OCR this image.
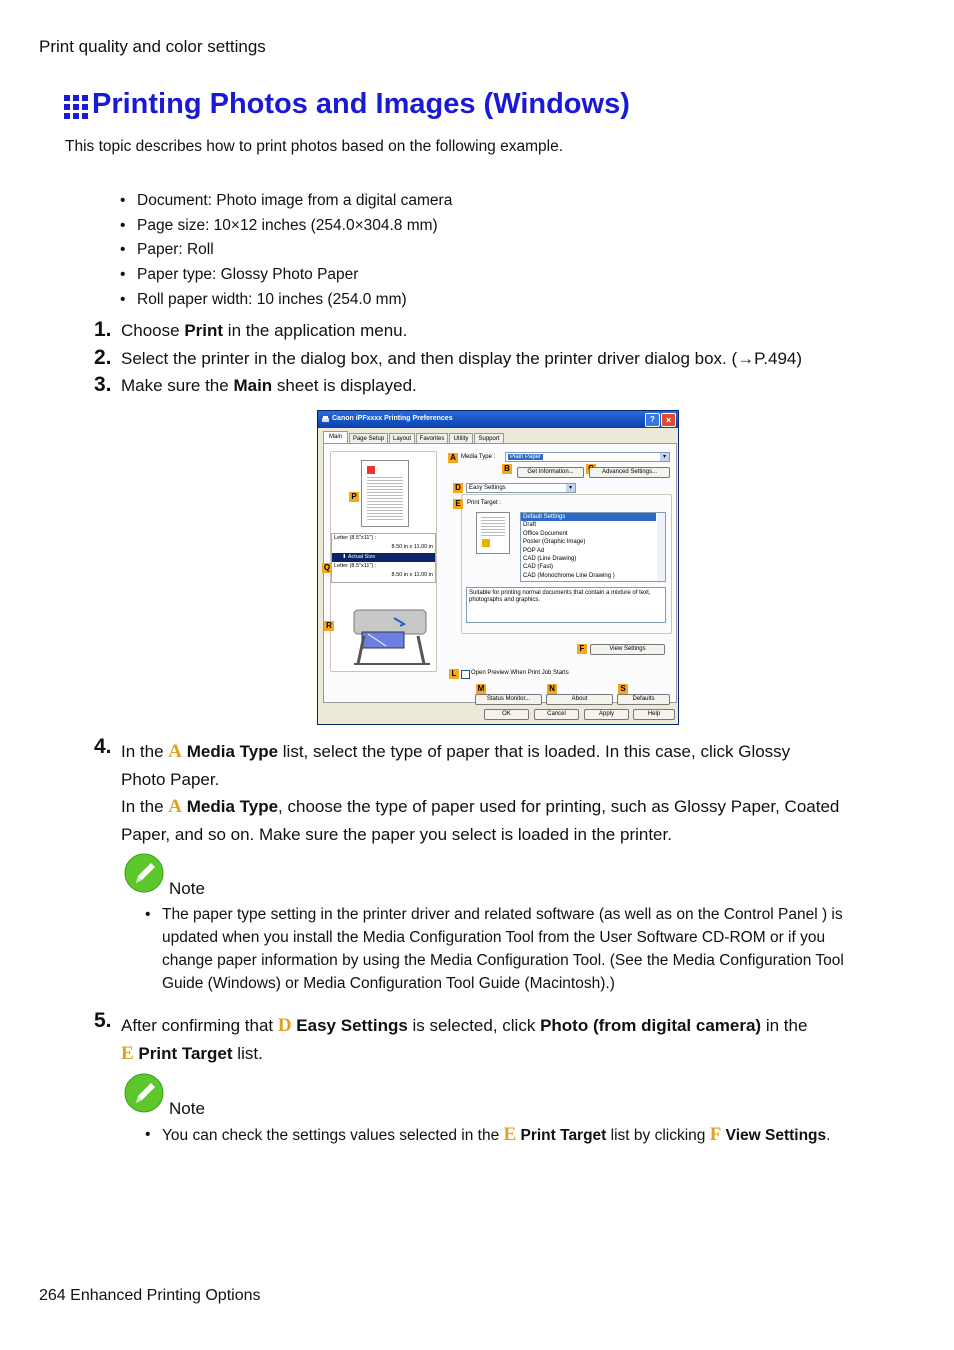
Print quality and color settings
Printing Photos and Images (Windows)
This topic describes how to print photos based on the following example.
• Document: Photo image from a digital camera
• Page size: 10×12 inches (254.0×304.8 mm)
• Paper: Roll
• Paper type: Glossy Photo Paper
• Roll paper width: 10 inches (254.0 mm)
1. Choose Print in the application menu.
2. Select the printer in the dialog box, and then display the printer driver dialog box. (→P.494)
3. Make sure the Main sheet is displayed.
Canon iPFxxxx Printing Preferences	?	×
Main	Page Setup	Layout	Favorites	Utility	Support
Letter (8.5"x11") :
8.50 in x 11.00 in
⬇ Actual Size
Letter (8.5"x11") :
8.50 in x 11.00 in
A Media Type :	Plain Paper	▾
B	Get Information...	Advanced Settings...
D	Easy Settings	▾
E	Print Target :
Default Settings
Draft
Office Document
Poster (Graphic Image)
POP Ad
CAD (Line Drawing)
CAD (Fast)
CAD (Monochrome Line Drawing )
Suitable for printing normal documents that contain a mixture of text, photographs and graphics.
F	View Settings
L	Open Preview When Print Job Starts
M
Status Monitor...
N
About
S
Defaults
P
Q
R
OK	Cancel	Apply	Help
4. In the A Media Type list, select the type of paper that is loaded. In this case, click Glossy
Photo Paper.
In the A Media Type, choose the type of paper used for printing, such as Glossy Paper, Coated
Paper, and so on. Make sure the paper you select is loaded in the printer.
Note
• The paper type setting in the printer driver and related software (as well as on the Control Panel ) is
updated when you install the Media Configuration Tool from the User Software CD-ROM or if you
change paper information by using the Media Configuration Tool. (See the Media Configuration Tool
Guide (Windows) or Media Configuration Tool Guide (Macintosh).)
5. After confirming that D Easy Settings is selected, click Photo (from digital camera) in the
E Print Target list.
Note
• You can check the settings values selected in the E Print Target list by clicking F View Settings.
264 Enhanced Printing Options
